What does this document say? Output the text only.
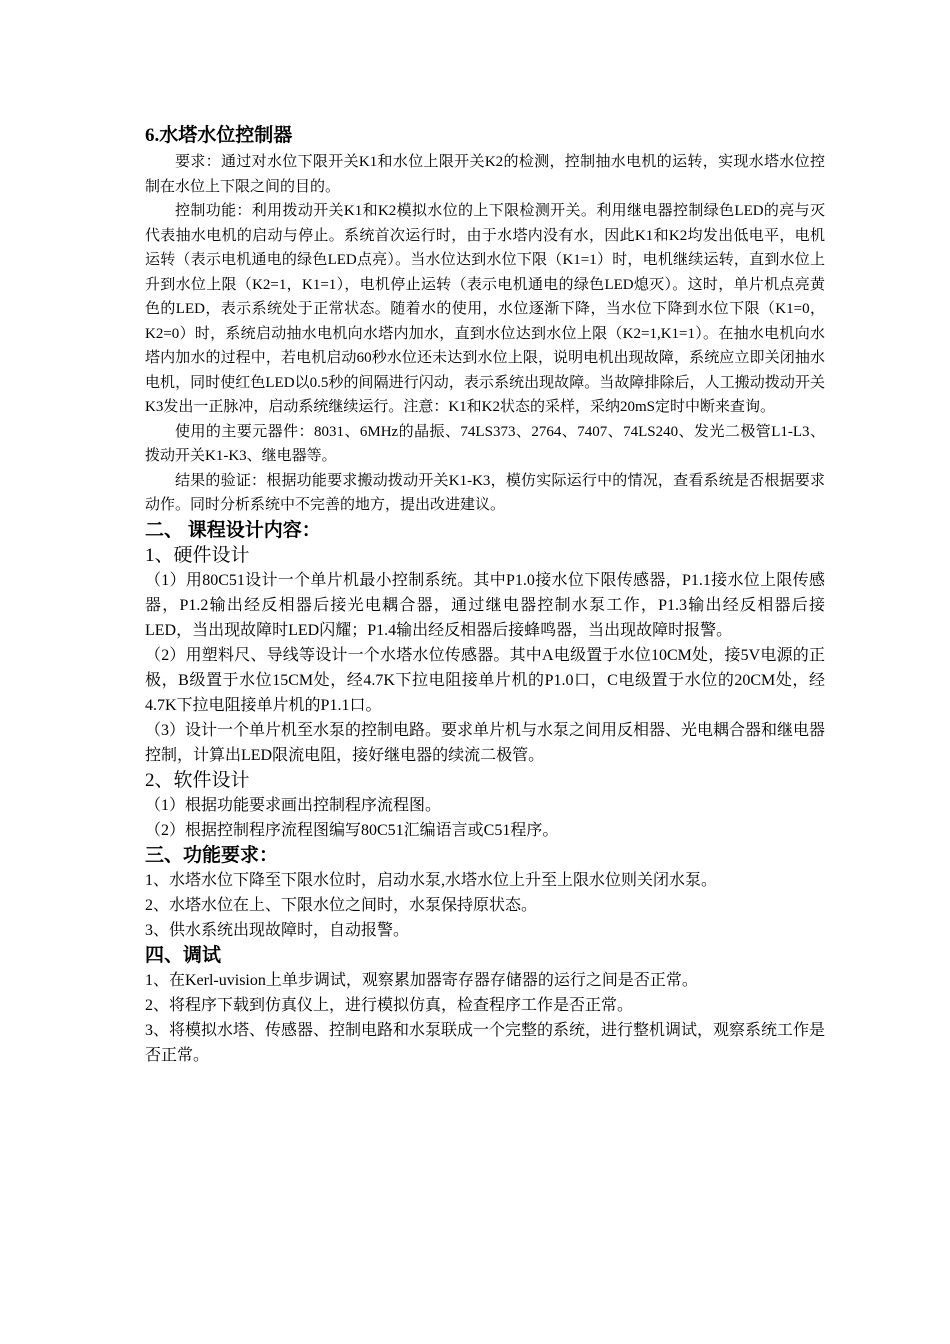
6.水塔水位控制器

要求：通过对水位下限开关K1和水位上限开关K2的检测，控制抽水电机的运转，实现水塔水位控制在水位上下限之间的目的。

控制功能：利用拨动开关K1和K2模拟水位的上下限检测开关。利用继电器控制绿色LED的亮与灭代表抽水电机的启动与停止。系统首次运行时，由于水塔内没有水，因此K1和K2均发出低电平，电机运转（表示电机通电的绿色LED点亮）。当水位达到水位下限（K1=1）时，电机继续运转，直到水位上升到水位上限（K2=1，K1=1），电机停止运转（表示电机通电的绿色LED熄灭）。这时，单片机点亮黄色的LED，表示系统处于正常状态。随着水的使用，水位逐渐下降，当水位下降到水位下限（K1=0，K2=0）时，系统启动抽水电机向水塔内加水，直到水位达到水位上限（K2=1,K1=1）。在抽水电机向水塔内加水的过程中，若电机启动60秒水位还未达到水位上限，说明电机出现故障，系统应立即关闭抽水电机，同时使红色LED以0.5秒的间隔进行闪动，表示系统出现故障。当故障排除后，人工搬动拨动开关K3发出一正脉冲，启动系统继续运行。注意：K1和K2状态的采样，采纳20mS定时中断来查询。

使用的主要元器件：8031、6MHz的晶振、74LS373、2764、7407、74LS240、发光二极管L1-L3、拨动开关K1-K3、继电器等。

结果的验证：根据功能要求搬动拨动开关K1-K3，模仿实际运行中的情况，查看系统是否根据要求动作。同时分析系统中不完善的地方，提出改进建议。

二、 课程设计内容：
1、硬件设计

（1）用80C51设计一个单片机最小控制系统。其中P1.0接水位下限传感器，P1.1接水位上限传感器，P1.2输出经反相器后接光电耦合器，通过继电器控制水泵工作，P1.3输出经反相器后接LED，当出现故障时LED闪耀；P1.4输出经反相器后接蜂鸣器，当出现故障时报警。

（2）用塑料尺、导线等设计一个水塔水位传感器。其中A电级置于水位10CM处，接5V电源的正极，B级置于水位15CM处，经4.7K下拉电阻接单片机的P1.0口，C电级置于水位的20CM处，经4.7K下拉电阻接单片机的P1.1口。

（3）设计一个单片机至水泵的控制电路。要求单片机与水泵之间用反相器、光电耦合器和继电器控制，计算出LED限流电阻，接好继电器的续流二极管。

2、软件设计

（1）根据功能要求画出控制程序流程图。

（2）根据控制程序流程图编写80C51汇编语言或C51程序。

三、功能要求：

1、水塔水位下降至下限水位时，启动水泵,水塔水位上升至上限水位则关闭水泵。

2、水塔水位在上、下限水位之间时，水泵保持原状态。

3、供水系统出现故障时，自动报警。

四、调试

1、在Kerl-uvision上单步调试，观察累加器寄存器存储器的运行之间是否正常。

2、将程序下载到仿真仪上，进行模拟仿真，检查程序工作是否正常。

3、将模拟水塔、传感器、控制电路和水泵联成一个完整的系统，进行整机调试，观察系统工作是否正常。
